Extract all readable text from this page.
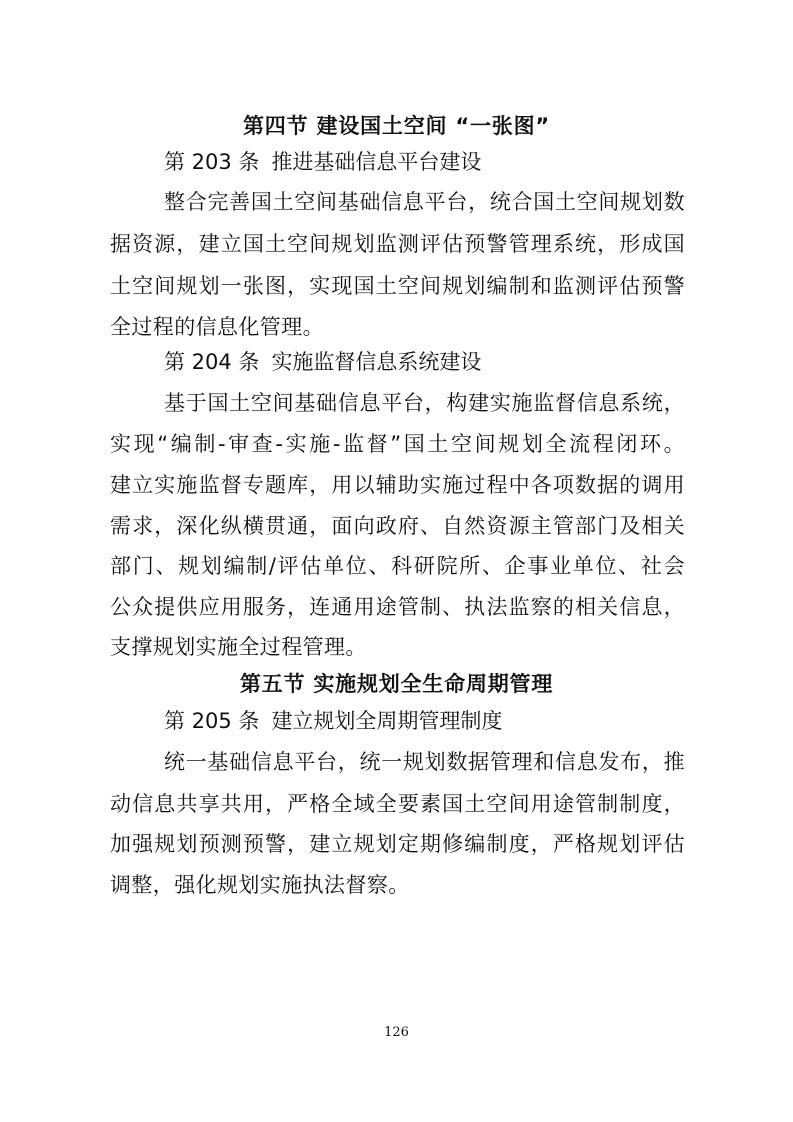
第四节 建设国土空间 “一张图”
第 203 条 推进基础信息平台建设
整合完善国土空间基础信息平台，统合国土空间规划数
据资源，建立国土空间规划监测评估预警管理系统，形成国
土空间规划一张图，实现国土空间规划编制和监测评估预警
全过程的信息化管理。
第 204 条 实施监督信息系统建设
基于国土空间基础信息平台，构建实施监督信息系统，
实现“编制-审查-实施-监督”国土空间规划全流程闭环。
建立实施监督专题库，用以辅助实施过程中各项数据的调用
需求，深化纵横贯通，面向政府、自然资源主管部门及相关
部门、规划编制/评估单位、科研院所、企事业单位、社会
公众提供应用服务，连通用途管制、执法监察的相关信息，
支撑规划实施全过程管理。
第五节 实施规划全生命周期管理
第 205 条 建立规划全周期管理制度
统一基础信息平台，统一规划数据管理和信息发布，推
动信息共享共用，严格全域全要素国土空间用途管制制度，
加强规划预测预警，建立规划定期修编制度，严格规划评估
调整，强化规划实施执法督察。
126
